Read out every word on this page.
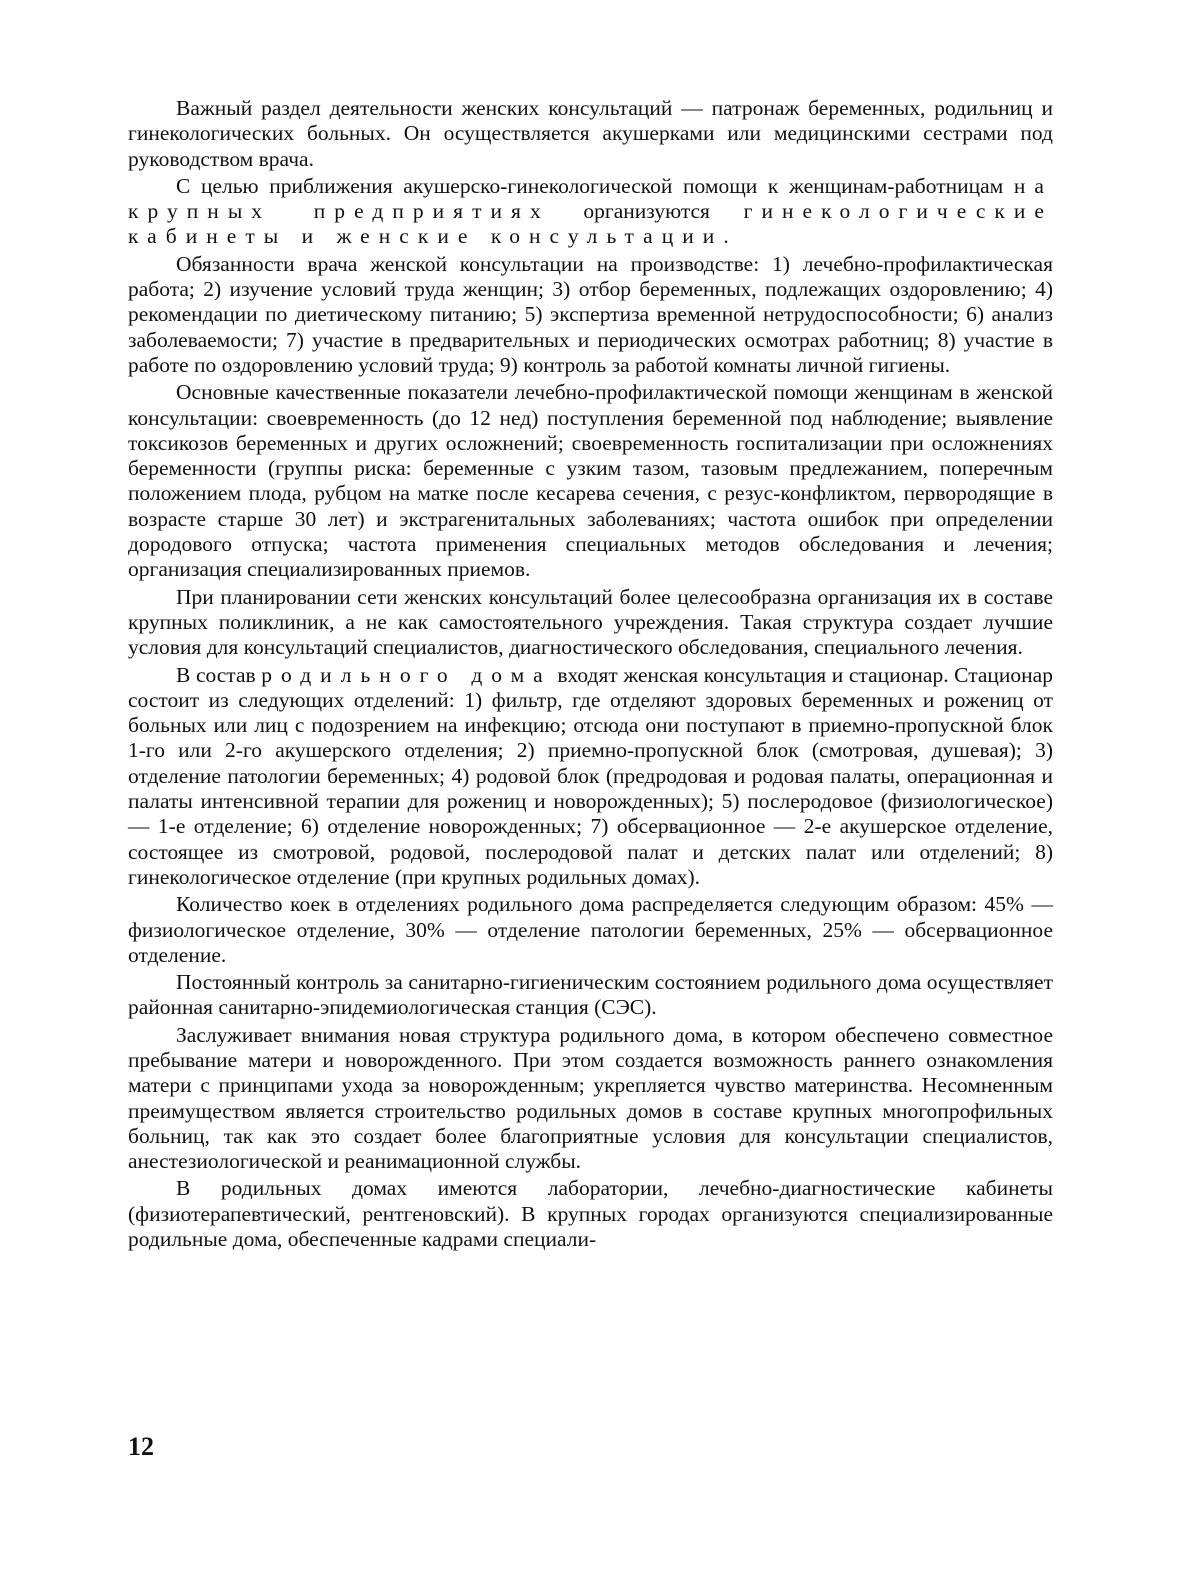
Важный раздел деятельности женских консультаций — патронаж беременных, родильниц и гинекологических больных. Он осуществляется акушерками или медицинскими сестрами под руководством врача.

С целью приближения акушерско-гинекологической помощи к женщинам-работницам на крупных предприятиях организуются гинекологические кабинеты и женские консультации.

Обязанности врача женской консультации на производстве: 1) лечебно-профилактическая работа; 2) изучение условий труда женщин; 3) отбор беременных, подлежащих оздоровлению; 4) рекомендации по диетическому питанию; 5) экспертиза временной нетрудоспособности; 6) анализ заболеваемости; 7) участие в предварительных и периодических осмотрах работниц; 8) участие в работе по оздоровлению условий труда; 9) контроль за работой комнаты личной гигиены.

Основные качественные показатели лечебно-профилактической помощи женщинам в женской консультации: своевременность (до 12 нед) поступления беременной под наблюдение; выявление токсикозов беременных и других осложнений; своевременность госпитализации при осложнениях беременности (группы риска: беременные с узким тазом, тазовым предлежанием, поперечным положением плода, рубцом на матке после кесарева сечения, с резус-конфликтом, первородящие в возрасте старше 30 лет) и экстрагенитальных заболеваниях; частота ошибок при определении дородового отпуска; частота применения специальных методов обследования и лечения; организация специализированных приемов.

При планировании сети женских консультаций более целесообразна организация их в составе крупных поликлиник, а не как самостоятельного учреждения. Такая структура создает лучшие условия для консультаций специалистов, диагностического обследования, специального лечения.

В состав родильного дома входят женская консультация и стационар. Стационар состоит из следующих отделений: 1) фильтр, где отделяют здоровых беременных и рожениц от больных или лиц с подозрением на инфекцию; отсюда они поступают в приемно-пропускной блок 1-го или 2-го акушерского отделения; 2) приемно-пропускной блок (смотровая, душевая); 3) отделение патологии беременных; 4) родовой блок (предродовая и родовая палаты, операционная и палаты интенсивной терапии для рожениц и новорожденных); 5) послеродовое (физиологическое) — 1-е отделение; 6) отделение новорожденных; 7) обсервационное — 2-е акушерское отделение, состоящее из смотровой, родовой, послеродовой палат и детских палат или отделений; 8) гинекологическое отделение (при крупных родильных домах).

Количество коек в отделениях родильного дома распределяется следующим образом: 45% — физиологическое отделение, 30% — отделение патологии беременных, 25% — обсервационное отделение.

Постоянный контроль за санитарно-гигиеническим состоянием родильного дома осуществляет районная санитарно-эпидемиологическая станция (СЭС).

Заслуживает внимания новая структура родильного дома, в котором обеспечено совместное пребывание матери и новорожденного. При этом создается возможность раннего ознакомления матери с принципами ухода за новорожденным; укрепляется чувство материнства. Несомненным преимуществом является строительство родильных домов в составе крупных многопрофильных больниц, так как это создает более благоприятные условия для консультации специалистов, анестезиологической и реанимационной службы.

В родильных домах имеются лаборатории, лечебно-диагностические кабинеты (физиотерапевтический, рентгеновский). В крупных городах организуются специализированные родильные дома, обеспеченные кадрами специали-

12
